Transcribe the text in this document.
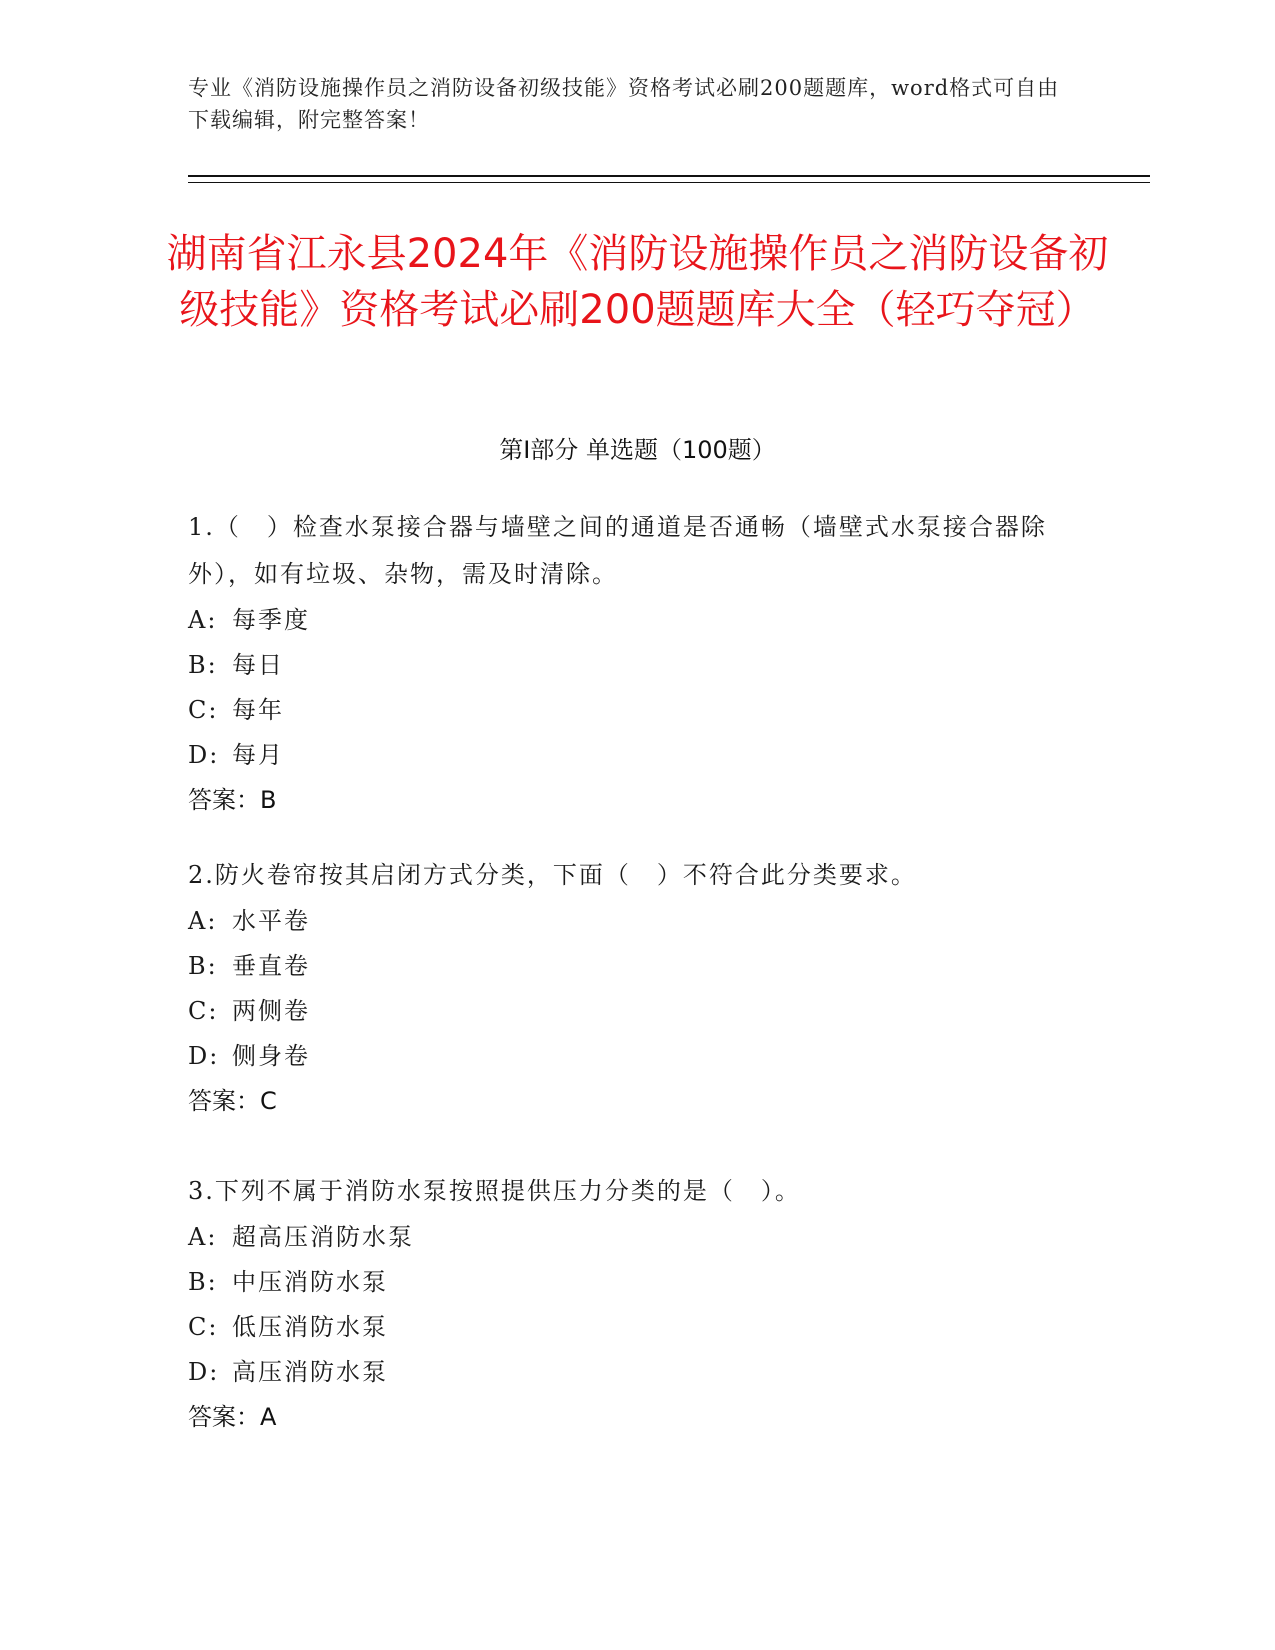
专业《消防设施操作员之消防设备初级技能》资格考试必刷200题题库，word格式可自由下载编辑，附完整答案！
湖南省江永县2024年《消防设施操作员之消防设备初级技能》资格考试必刷200题题库大全（轻巧夺冠）
第I部分 单选题（100题）

1.（　）检查水泵接合器与墙壁之间的通道是否通畅（墙壁式水泵接合器除外），如有垃圾、杂物，需及时清除。

A: 每季度

B: 每日

C: 每年

D: 每月

答案：B

2.防火卷帘按其启闭方式分类，下面（　）不符合此分类要求。

A: 水平卷

B: 垂直卷

C: 两侧卷

D: 侧身卷

答案：C

3.下列不属于消防水泵按照提供压力分类的是（　）。

A: 超高压消防水泵

B: 中压消防水泵

C: 低压消防水泵

D: 高压消防水泵

答案：A
